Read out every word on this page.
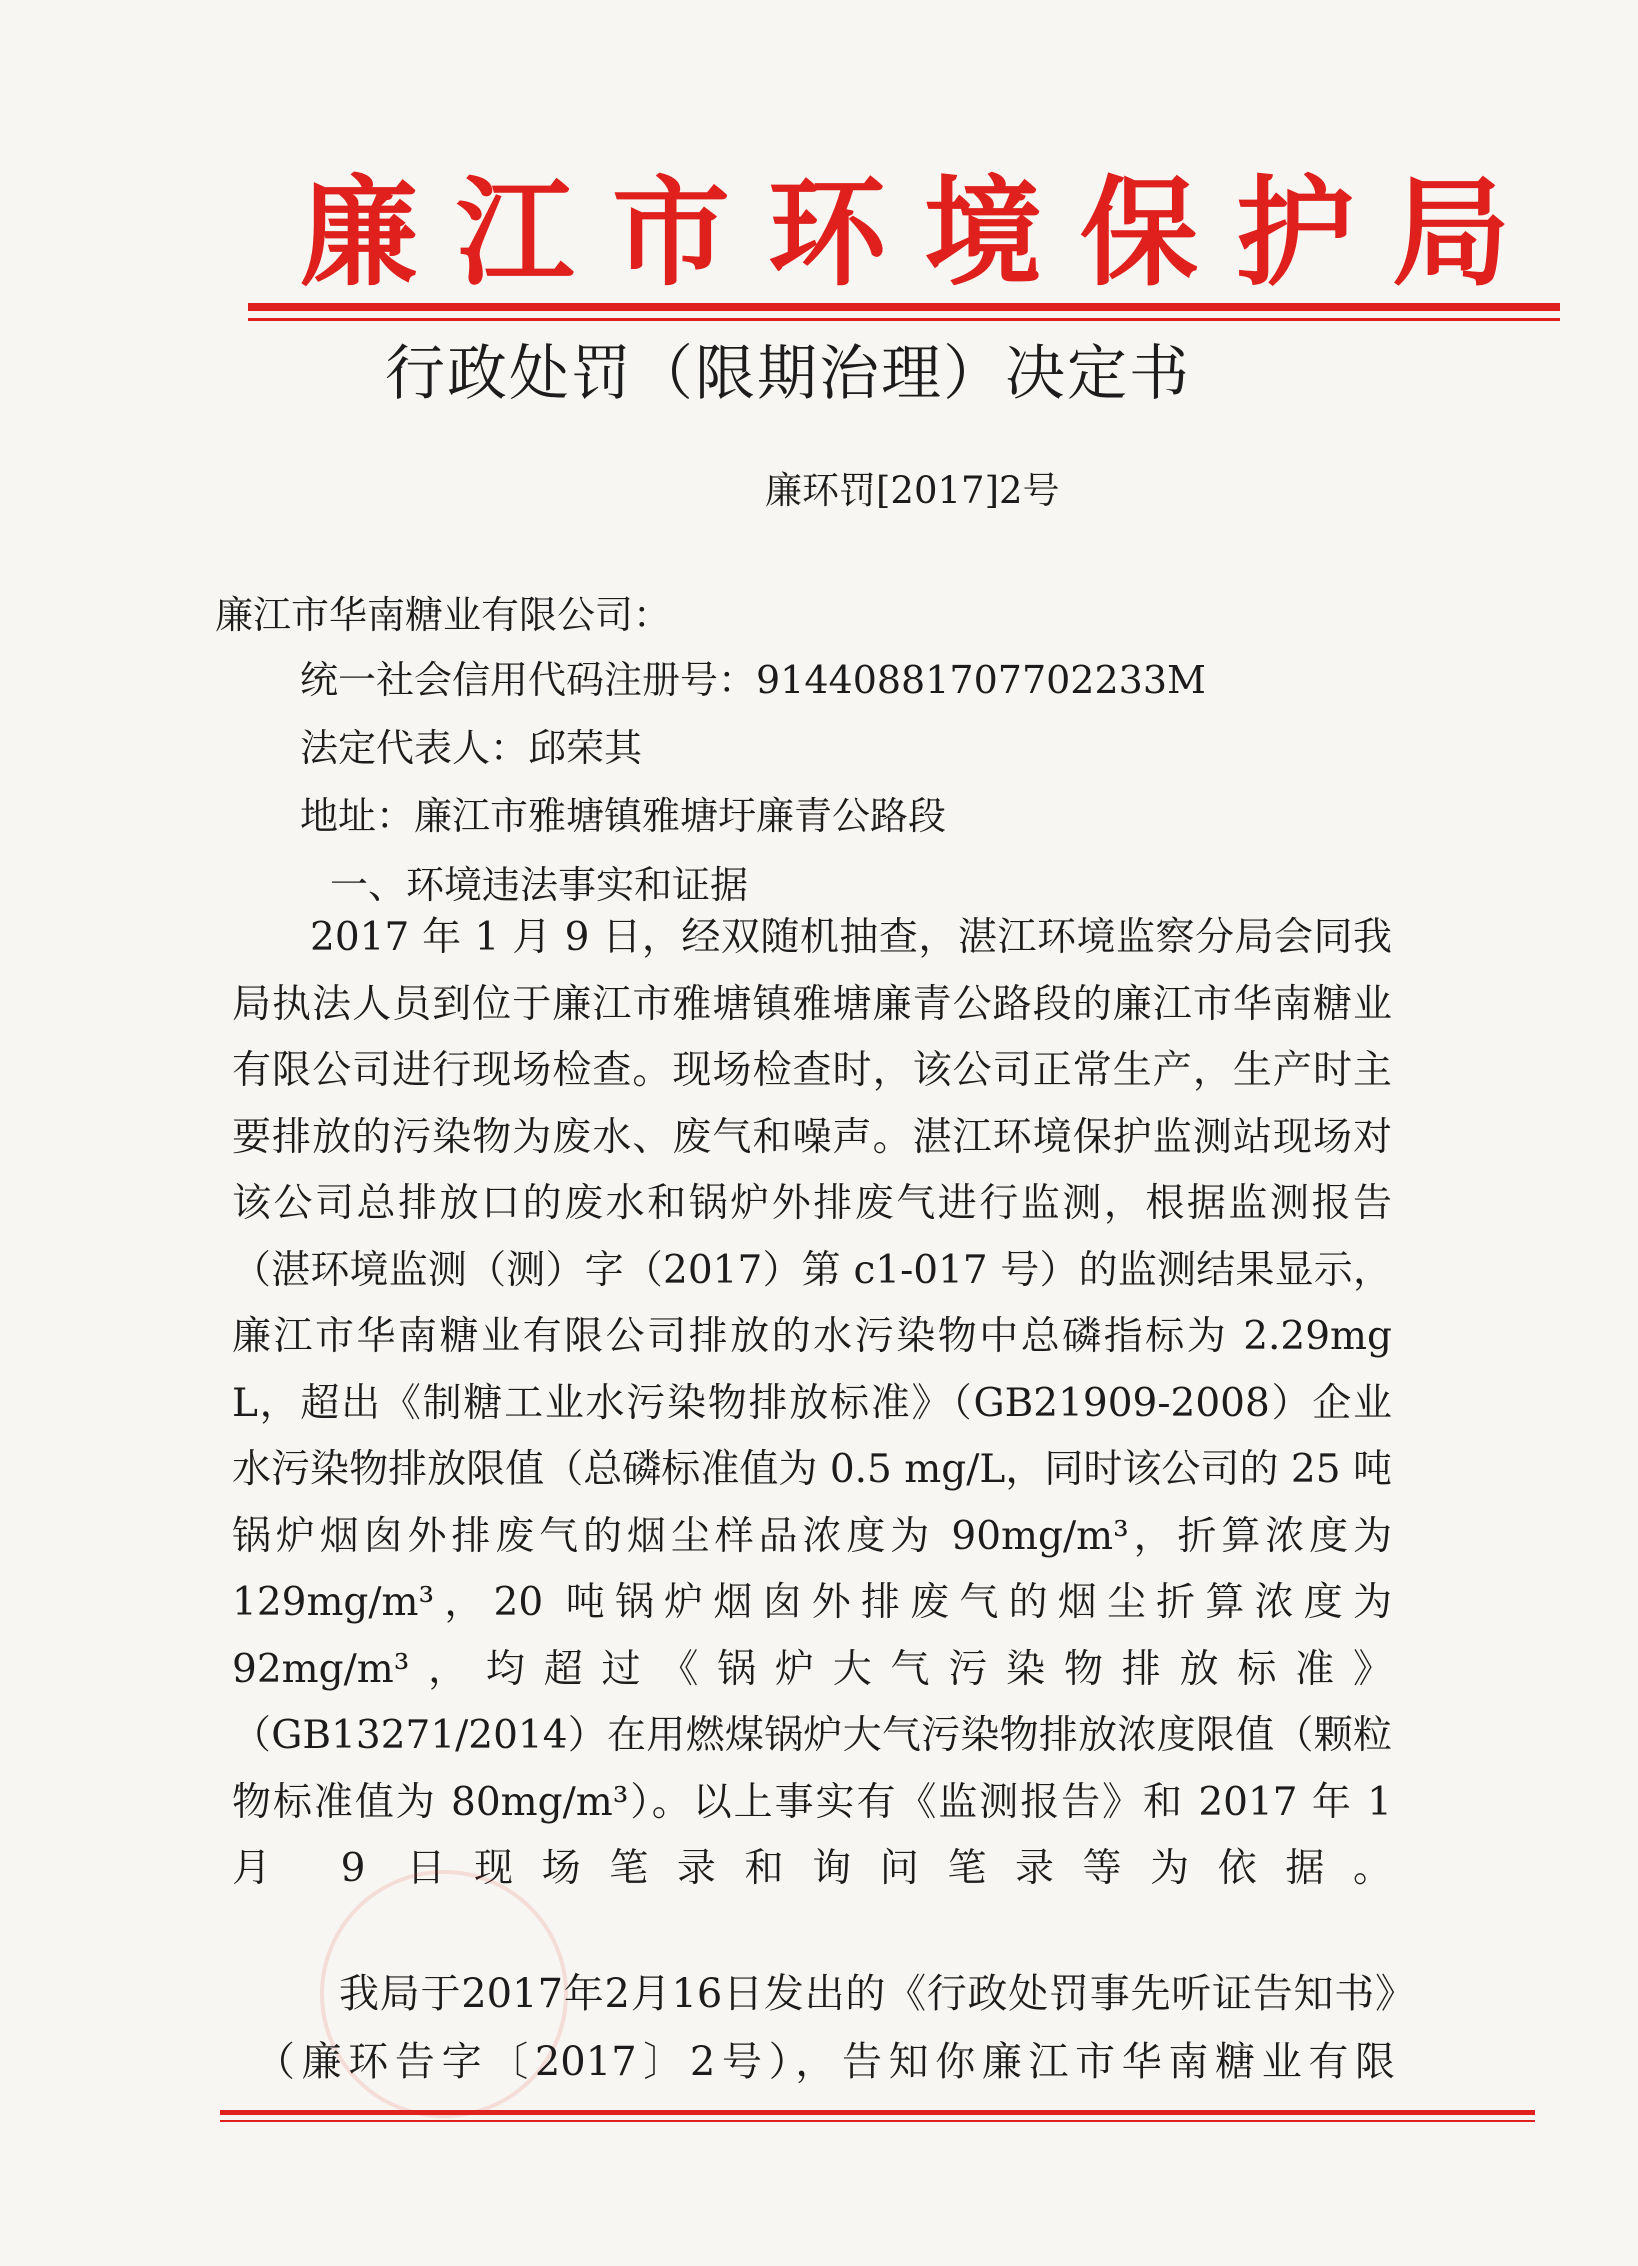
廉江市环境保护局
行政处罚（限期治理）决定书
廉环罚[2017]2号
廉江市华南糖业有限公司：
统一社会信用代码注册号：91440881707702233M
法定代表人：邱荣其
地址：廉江市雅塘镇雅塘圩廉青公路段
一、环境违法事实和证据
2017 年 1 月 9 日，经双随机抽查，湛江环境监察分局会同我局执法人员到位于廉江市雅塘镇雅塘廉青公路段的廉江市华南糖业有限公司进行现场检查。现场检查时，该公司正常生产，生产时主要排放的污染物为废水、废气和噪声。湛江环境保护监测站现场对该公司总排放口的废水和锅炉外排废气进行监测，根据监测报告（湛环境监测（测）字（2017）第 c1-017 号）的监测结果显示，廉江市华南糖业有限公司排放的水污染物中总磷指标为 2.29mg L，超出《制糖工业水污染物排放标准》（GB21909-2008）企业水污染物排放限值（总磷标准值为 0.5 mg/L，同时该公司的 25 吨锅炉烟囱外排废气的烟尘样品浓度为 90mg/m³，折算浓度为 129mg/m³，20 吨锅炉烟囱外排废气的烟尘折算浓度为 92mg/m³，均超过《锅炉大气污染物排放标准》（GB13271/2014）在用燃煤锅炉大气污染物排放浓度限值（颗粒物标准值为 80mg/m³）。以上事实有《监测报告》和 2017 年 1 月 9 日现场笔录和询问笔录等为依据。
我局于2017年2月16日发出的《行政处罚事先听证告知书》（廉环告字〔2017〕2号），告知你廉江市华南糖业有限
